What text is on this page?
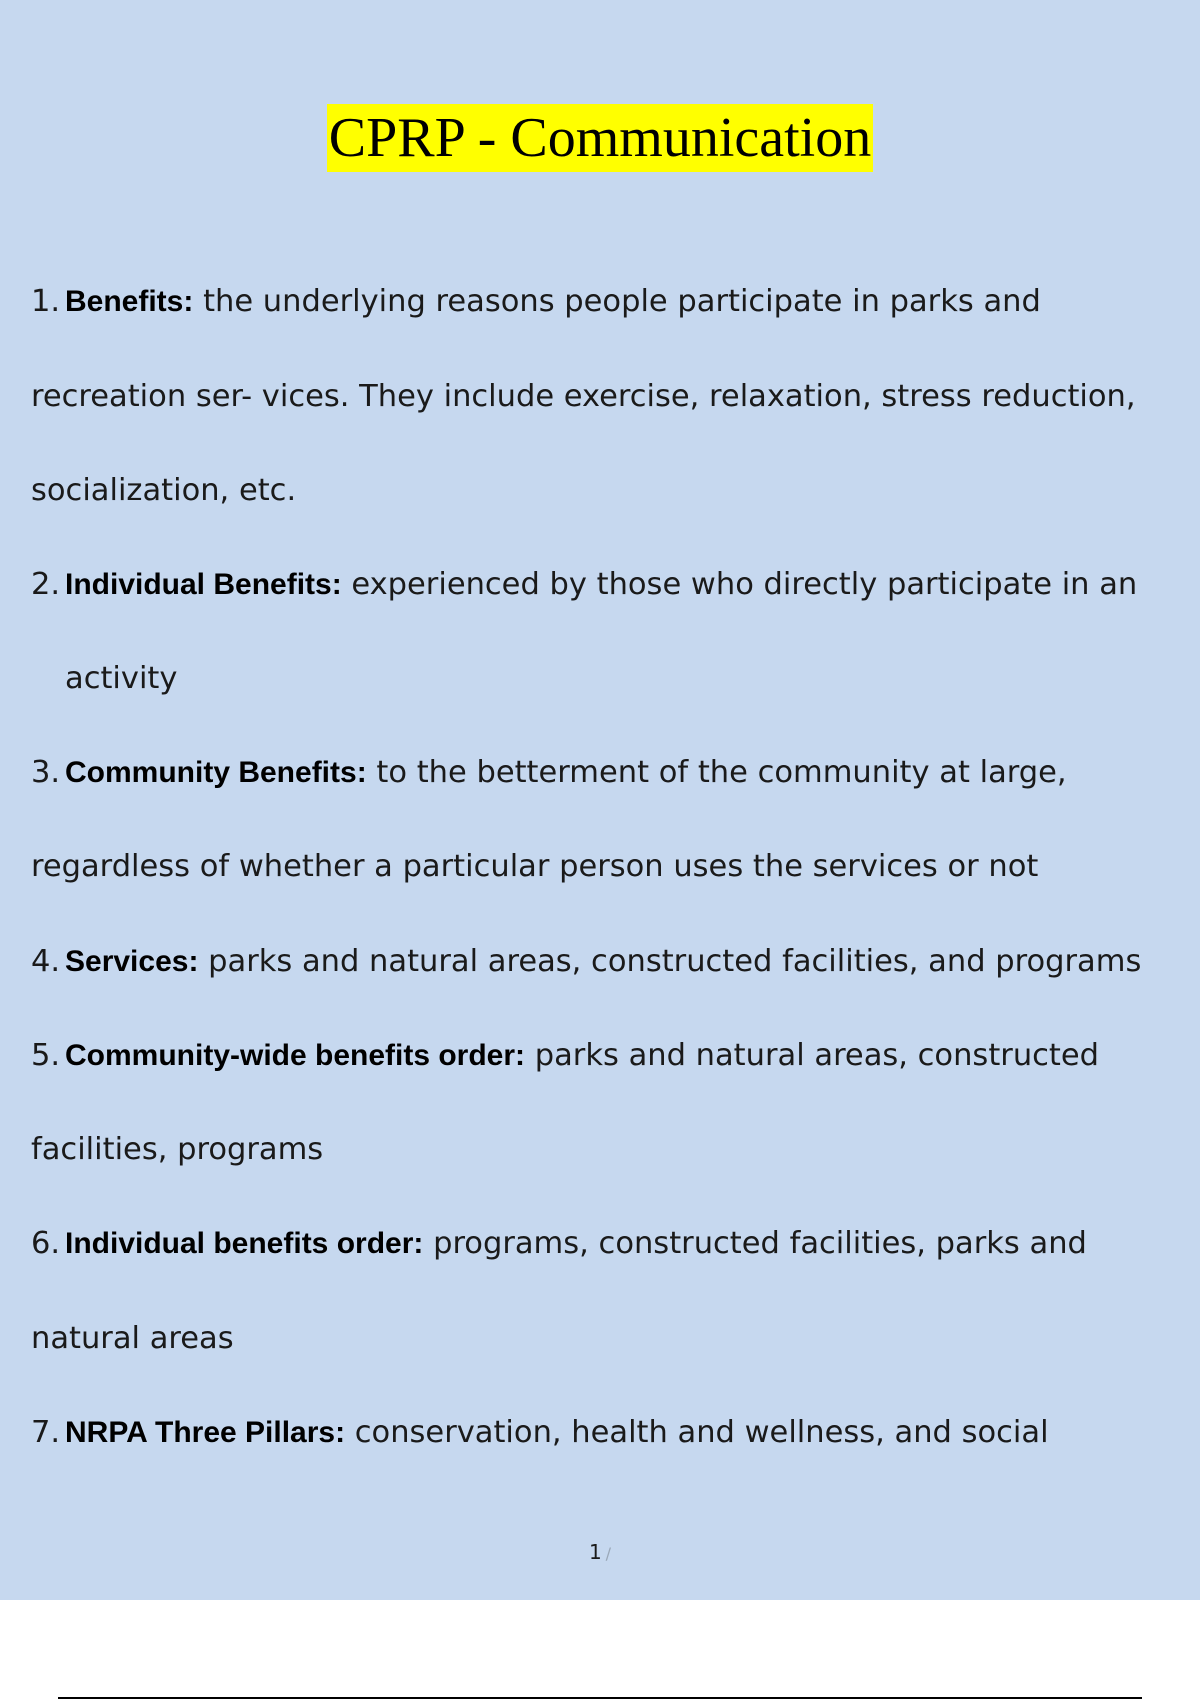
CPRP - Communication
1. Benefits: the underlying reasons people participate in parks and
recreation ser- vices. They include exercise, relaxation, stress reduction,
socialization, etc.
2. Individual Benefits: experienced by those who directly participate in an
activity
3. Community Benefits: to the betterment of the community at large,
regardless of whether a particular person uses the services or not
4. Services: parks and natural areas, constructed facilities, and programs
5. Community-wide benefits order: parks and natural areas, constructed
facilities, programs
6. Individual benefits order: programs, constructed facilities, parks and
natural areas
7. NRPA Three Pillars: conservation, health and wellness, and social
1 /
